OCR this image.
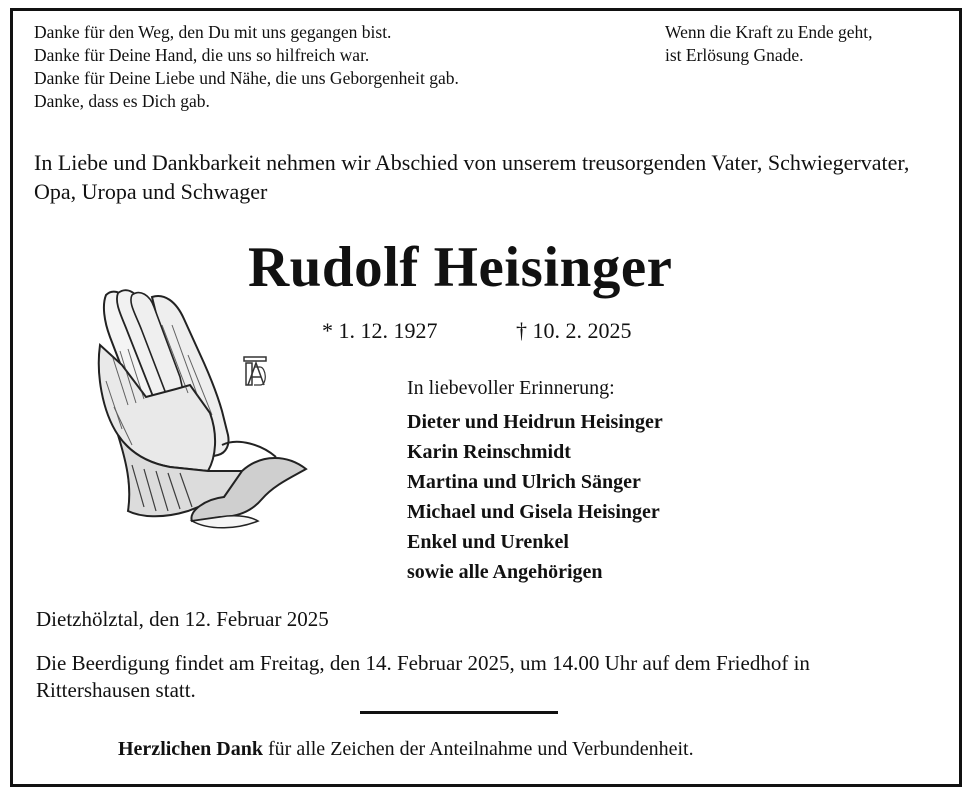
Danke für den Weg, den Du mit uns gegangen bist.
Danke für Deine Hand, die uns so hilfreich war.
Danke für Deine Liebe und Nähe, die uns Geborgenheit gab.
Danke, dass es Dich gab.
Wenn die Kraft zu Ende geht,
ist Erlösung Gnade.
In Liebe und Dankbarkeit nehmen wir Abschied von unserem treusorgenden Vater, Schwiegervater, Opa, Uropa und Schwager
Rudolf Heisinger
* 1. 12. 1927	† 10. 2. 2025
In liebevoller Erinnerung:
Dieter und Heidrun Heisinger
Karin Reinschmidt
Martina und Ulrich Sänger
Michael und Gisela Heisinger
Enkel und Urenkel
sowie alle Angehörigen
Dietzhölztal, den 12. Februar 2025
Die Beerdigung findet am Freitag, den 14. Februar 2025, um 14.00 Uhr auf dem Friedhof in Rittershausen statt.
Herzlichen Dank für alle Zeichen der Anteilnahme und Verbundenheit.
